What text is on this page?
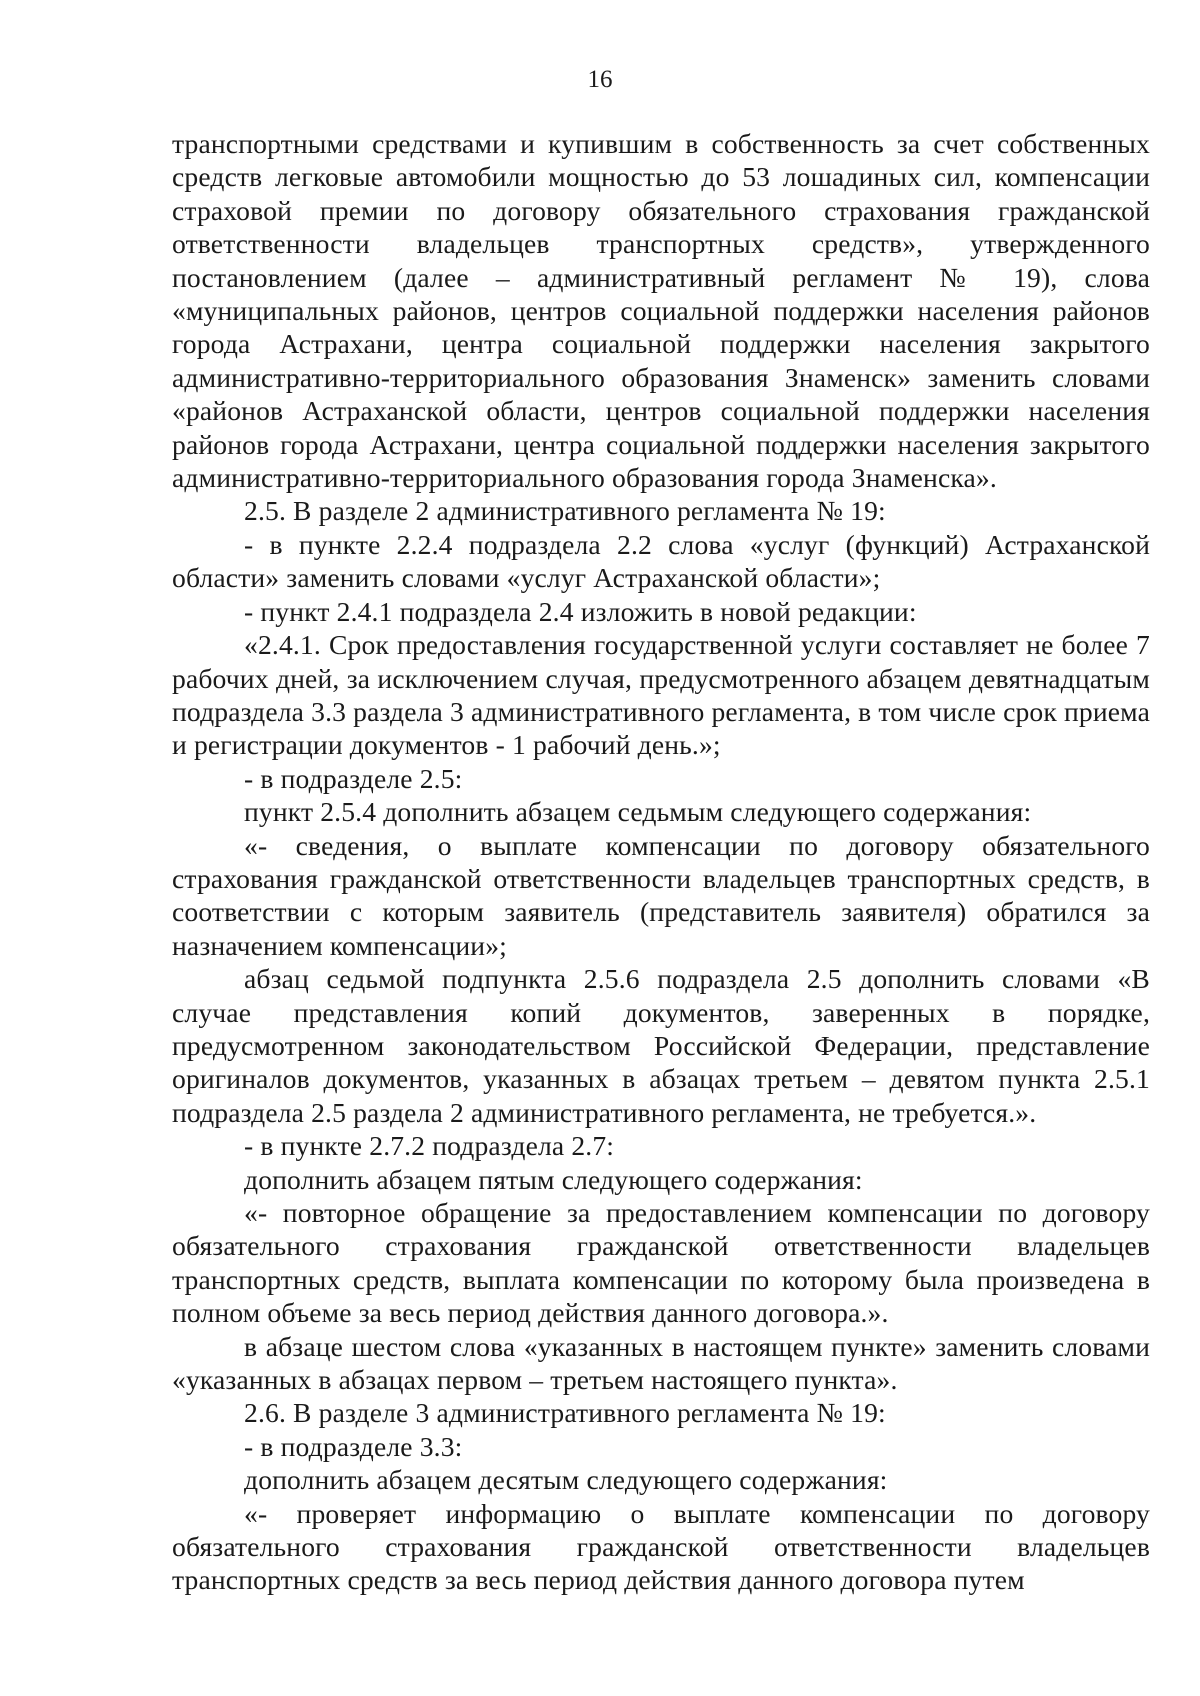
16

транспортными средствами и купившим в собственность за счет собственных средств легковые автомобили мощностью до 53 лошадиных сил, компенсации страховой премии по договору обязательного страхования гражданской ответственности владельцев транспортных средств», утвержденного постановлением (далее – административный регламент № 19), слова «муниципальных районов, центров социальной поддержки населения районов города Астрахани, центра социальной поддержки населения закрытого административно-территориального образования Знаменск» заменить словами «районов Астраханской области, центров социальной поддержки населения районов города Астрахани, центра социальной поддержки населения закрытого административно-территориального образования города Знаменска».

2.5. В разделе 2 административного регламента № 19:

- в пункте 2.2.4 подраздела 2.2 слова «услуг (функций) Астраханской области» заменить словами «услуг Астраханской области»;

- пункт 2.4.1 подраздела 2.4 изложить в новой редакции:

«2.4.1. Срок предоставления государственной услуги составляет не более 7 рабочих дней, за исключением случая, предусмотренного абзацем девятнадцатым подраздела 3.3 раздела 3 административного регламента, в том числе срок приема и регистрации документов - 1 рабочий день.»;

- в подразделе 2.5:

пункт 2.5.4 дополнить абзацем седьмым следующего содержания:

«- сведения, о выплате компенсации по договору обязательного страхования гражданской ответственности владельцев транспортных средств, в соответствии с которым заявитель (представитель заявителя) обратился за назначением компенсации»;

абзац седьмой подпункта 2.5.6 подраздела 2.5 дополнить словами «В случае представления копий документов, заверенных в порядке, предусмотренном законодательством Российской Федерации, представление оригиналов документов, указанных в абзацах третьем – девятом пункта 2.5.1 подраздела 2.5 раздела 2 административного регламента, не требуется.».

- в пункте 2.7.2 подраздела 2.7:

дополнить абзацем пятым следующего содержания:

«- повторное обращение за предоставлением компенсации по договору обязательного страхования гражданской ответственности владельцев транспортных средств, выплата компенсации по которому была произведена в полном объеме за весь период действия данного договора.».

в абзаце шестом слова «указанных в настоящем пункте» заменить словами «указанных в абзацах первом – третьем настоящего пункта».

2.6. В разделе 3 административного регламента № 19:

- в подразделе 3.3:

дополнить абзацем десятым следующего содержания:

«- проверяет информацию о выплате компенсации по договору обязательного страхования гражданской ответственности владельцев транспортных средств за весь период действия данного договора путем
